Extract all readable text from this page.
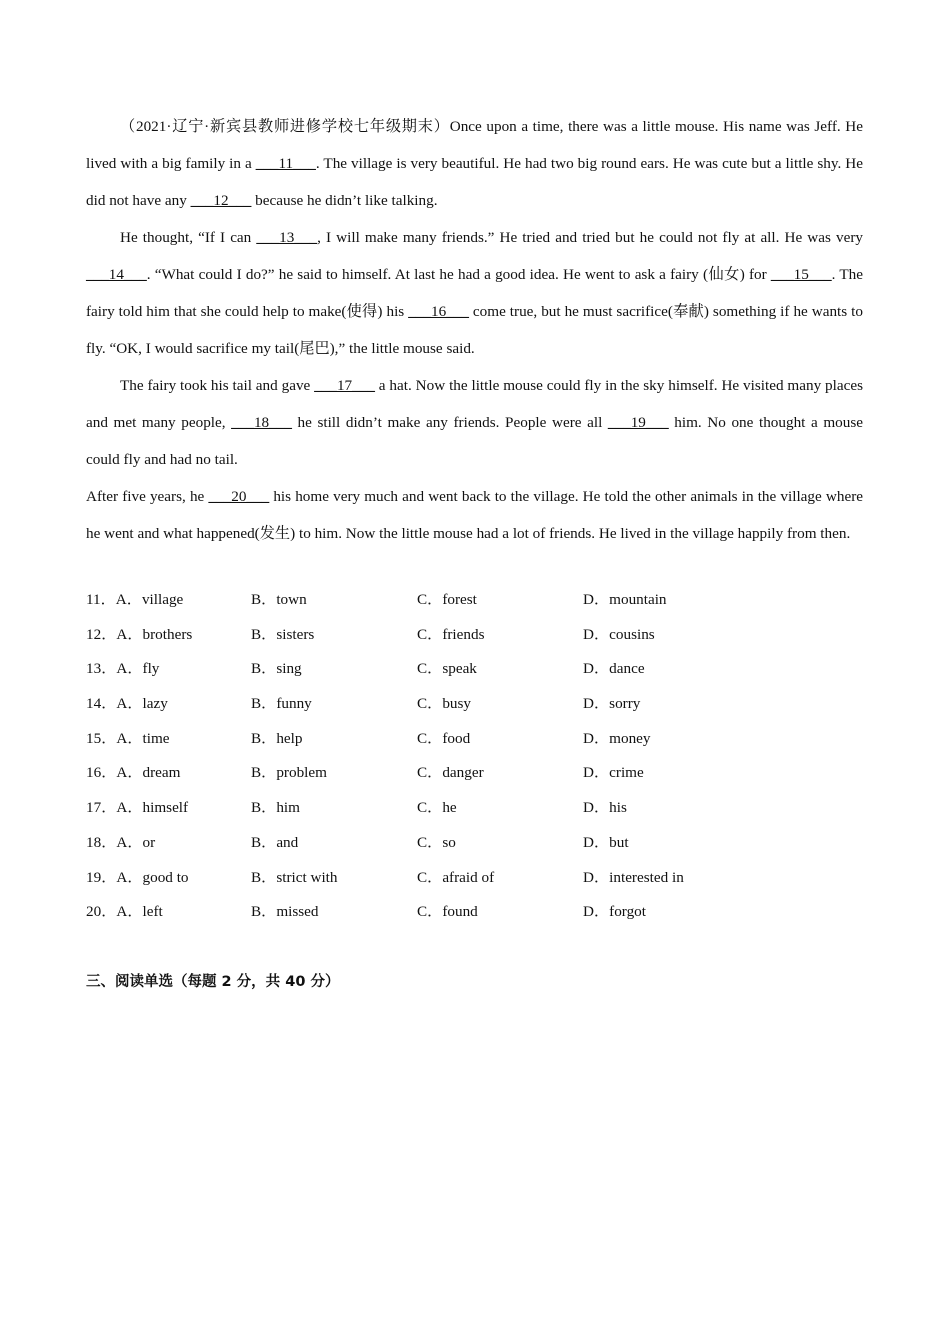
（2021·辽宁·新宾县教师进修学校七年级期末）Once upon a time, there was a little mouse. His name was Jeff. He lived with a big family in a ___11___. The village is very beautiful. He had two big round ears. He was cute but a little shy. He did not have any ___12___ because he didn’t like talking.

He thought, “If I can ___13___, I will make many friends.” He tried and tried but he could not fly at all. He was very ___14___. “What could I do?” he said to himself. At last he had a good idea. He went to ask a fairy (仙女) for ___15___. The fairy told him that she could help to make(使得) his ___16___ come true, but he must sacrifice(奉献) something if he wants to fly. “OK, I would sacrifice my tail(尾巴),” the little mouse said.

The fairy took his tail and gave ___17___ a hat. Now the little mouse could fly in the sky himself. He visited many places and met many people, ___18___ he still didn’t make any friends. People were all ___19___ him. No one thought a mouse could fly and had no tail.

After five years, he ___20___ his home very much and went back to the village. He told the other animals in the village where he went and what happened(发生) to him. Now the little mouse had a lot of friends. He lived in the village happily from then.

11．A．village	B．town	C．forest	D．mountain
12．A．brothers	B．sisters	C．friends	D．cousins
13．A．fly	B．sing	C．speak	D．dance
14．A．lazy	B．funny	C．busy	D．sorry
15．A．time	B．help	C．food	D．money
16．A．dream	B．problem	C．danger	D．crime
17．A．himself	B．him	C．he	D．his
18．A．or	B．and	C．so	D．but
19．A．good to	B．strict with	C．afraid of	D．interested in
20．A．left	B．missed	C．found	D．forgot
三、阅读单选（每题 2 分，共 40 分）
